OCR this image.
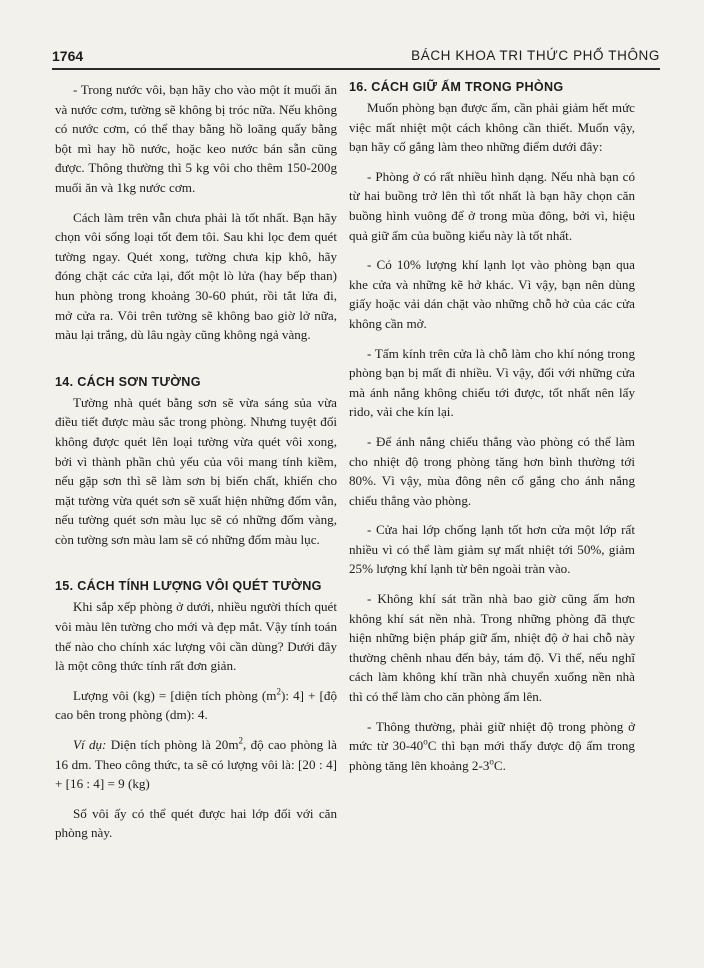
1764	BÁCH KHOA TRI THỨC PHỔ THÔNG

- Trong nước vôi, bạn hãy cho vào một ít muối ăn và nước cơm, tường sẽ không bị tróc nữa. Nếu không có nước cơm, có thể thay bằng hồ loãng quấy bằng bột mì hay hồ nước, hoặc keo nước bán sẵn cũng được. Thông thường thì 5 kg vôi cho thêm 150-200g muối ăn và 1kg nước cơm.

Cách làm trên vẫn chưa phải là tốt nhất. Bạn hãy chọn vôi sống loại tốt đem tôi. Sau khi lọc đem quét tường ngay. Quét xong, tường chưa kịp khô, hãy đóng chặt các cửa lại, đốt một lò lửa (hay bếp than) hun phòng trong khoảng 30-60 phút, rồi tắt lửa đi, mở cửa ra. Vôi trên tường sẽ không bao giờ lở nữa, màu lại trắng, dù lâu ngày cũng không ngả vàng.

14. CÁCH SƠN TƯỜNG

Tường nhà quét bằng sơn sẽ vừa sáng sủa vừa điều tiết được màu sắc trong phòng. Nhưng tuyệt đối không được quét lên loại tường vừa quét vôi xong, bởi vì thành phần chủ yếu của vôi mang tính kiềm, nếu gặp sơn thì sẽ làm sơn bị biến chất, khiến cho mặt tường vừa quét sơn sẽ xuất hiện những đốm vằn, nếu tường quét sơn màu lục sẽ có những đốm vàng, còn tường sơn màu lam sẽ có những đốm màu lục.

15. CÁCH TÍNH LƯỢNG VÔI QUÉT TƯỜNG

Khi sắp xếp phòng ở dưới, nhiều người thích quét vôi màu lên tường cho mới và đẹp mắt. Vậy tính toán thế nào cho chính xác lượng vôi cần dùng? Dưới đây là một công thức tính rất đơn giản.

Lượng vôi (kg) = [diện tích phòng $(m^2)$: 4] + [độ cao bên trong phòng (dm): 4.

Ví dụ: Diện tích phòng là $20m^2$, độ cao phòng là 16 dm. Theo công thức, ta sẽ có lượng vôi là: [20 : 4] + [16 : 4] = 9 (kg)

Số vôi ấy có thể quét được hai lớp đối với căn phòng này.

16. CÁCH GIỮ ẤM TRONG PHÒNG

Muốn phòng bạn được ấm, cần phải giảm hết mức việc mất nhiệt một cách không cần thiết. Muốn vậy, bạn hãy cố gắng làm theo những điểm dưới đây:

- Phòng ở có rất nhiều hình dạng. Nếu nhà bạn có từ hai buồng trở lên thì tốt nhất là bạn hãy chọn căn buồng hình vuông để ở trong mùa đông, bởi vì, hiệu quả giữ ấm của buồng kiểu này là tốt nhất.

- Có 10% lượng khí lạnh lọt vào phòng bạn qua khe cửa và những kẽ hở khác. Vì vậy, bạn nên dùng giấy hoặc vải dán chặt vào những chỗ hở của các cửa không cần mở.

- Tấm kính trên cửa là chỗ làm cho khí nóng trong phòng bạn bị mất đi nhiều. Vì vậy, đối với những cửa mà ánh nắng không chiếu tới được, tốt nhất nên lấy rido, vải che kín lại.

- Để ánh nắng chiếu thẳng vào phòng có thể làm cho nhiệt độ trong phòng tăng hơn bình thường tới 80%. Vì vậy, mùa đông nên cố gắng cho ánh nắng chiếu thẳng vào phòng.

- Cửa hai lớp chống lạnh tốt hơn cửa một lớp rất nhiều vì có thể làm giảm sự mất nhiệt tới 50%, giảm 25% lượng khí lạnh từ bên ngoài tràn vào.

- Không khí sát trần nhà bao giờ cũng ấm hơn không khí sát nền nhà. Trong những phòng đã thực hiện những biện pháp giữ ấm, nhiệt độ ở hai chỗ này thường chênh nhau đến bảy, tám độ. Vì thế, nếu nghĩ cách làm không khí trần nhà chuyển xuống nền nhà thì có thể làm cho căn phòng ấm lên.

- Thông thường, phải giữ nhiệt độ trong phòng ở mức từ 30-40$^o$C thì bạn mới thấy được độ ấm trong phòng tăng lên khoảng 2-3$^o$C.
